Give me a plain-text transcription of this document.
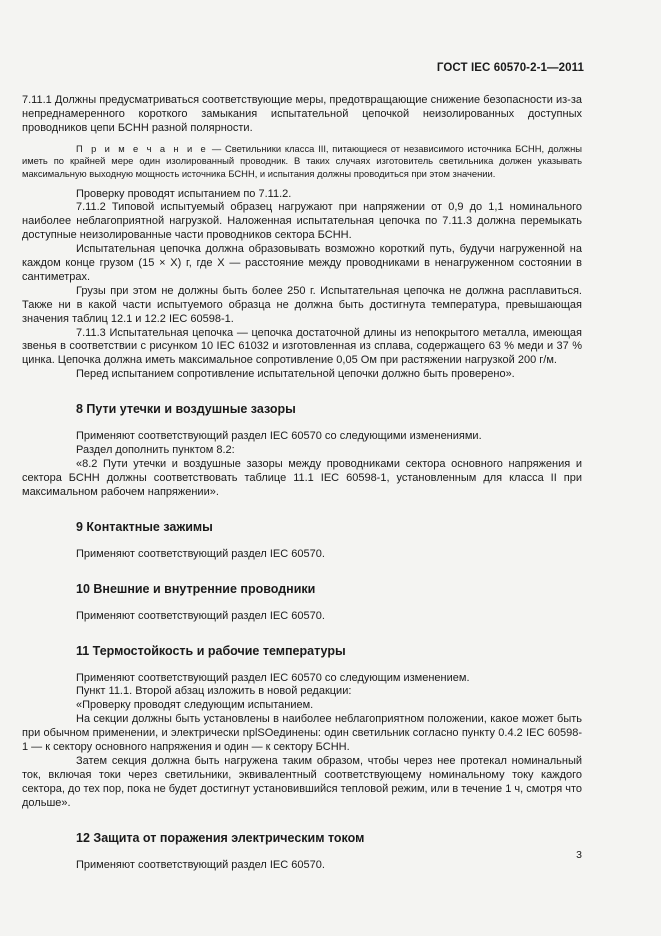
ГОСТ IEC 60570-2-1—2011

7.11.1 Должны предусматриваться соответствующие меры, предотвращающие снижение безопасности из-за непреднамеренного короткого замыкания испытательной цепочкой неизолированных доступных проводников цепи БСНН разной полярности.

П р и м е ч а н и е — Светильники класса III, питающиеся от независимого источника БСНН, должны иметь по крайней мере один изолированный проводник. В таких случаях изготовитель светильника должен указывать максимальную выходную мощность источника БСНН, и испытания должны проводиться при этом значении.

Проверку проводят испытанием по 7.11.2.

7.11.2 Типовой испытуемый образец нагружают при напряжении от 0,9 до 1,1 номинального наиболее неблагоприятной нагрузкой. Наложенная испытательная цепочка по 7.11.3 должна перемыкать доступные неизолированные части проводников сектора БСНН.

Испытательная цепочка должна образовывать возможно короткий путь, будучи нагруженной на каждом конце грузом (15 × X) г, где X — расстояние между проводниками в ненагруженном состоянии в сантиметрах.

Грузы при этом не должны быть более 250 г. Испытательная цепочка не должна расплавиться. Также ни в какой части испытуемого образца не должна быть достигнута температура, превышающая значения таблиц 12.1 и 12.2 IEC 60598-1.

7.11.3 Испытательная цепочка — цепочка достаточной длины из непокрытого металла, имеющая звенья в соответствии с рисунком 10 IEC 61032 и изготовленная из сплава, содержащего 63 % меди и 37 % цинка. Цепочка должна иметь максимальное сопротивление 0,05 Ом при растяжении нагрузкой 200 г/м.

Перед испытанием сопротивление испытательной цепочки должно быть проверено».

8 Пути утечки и воздушные зазоры

Применяют соответствующий раздел IEC 60570 со следующими изменениями.

Раздел дополнить пунктом 8.2:

«8.2 Пути утечки и воздушные зазоры между проводниками сектора основного напряжения и сектора БСНН должны соответствовать таблице 11.1 IEC 60598-1, установленным для класса II при максимальном рабочем напряжении».

9 Контактные зажимы

Применяют соответствующий раздел IEC 60570.

10 Внешние и внутренние проводники

Применяют соответствующий раздел IEC 60570.

11 Термостойкость и рабочие температуры

Применяют соответствующий раздел IEC 60570 со следующим изменением.

Пункт 11.1. Второй абзац изложить в новой редакции:

«Проверку проводят следующим испытанием.

На секции должны быть установлены в наиболее неблагоприятном положении, какое может быть при обычном применении, и электрически nplSOединены: один светильник согласно пункту 0.4.2 IEC 60598-1 — к сектору основного напряжения и один — к сектору БСНН.

Затем секция должна быть нагружена таким образом, чтобы через нее протекал номинальный ток, включая токи через светильники, эквивалентный соответствующему номинальному току каждого сектора, до тех пор, пока не будет достигнут установившийся тепловой режим, или в течение 1 ч, смотря что дольше».

12 Защита от поражения электрическим током

Применяют соответствующий раздел IEC 60570.

3
